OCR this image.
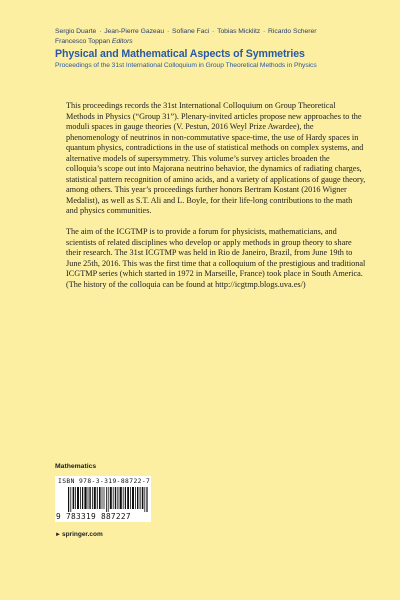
Sergio Duarte · Jean-Pierre Gazeau · Sofiane Faci · Tobias Micklitz · Ricardo Scherer
Francesco Toppan Editors
Physical and Mathematical Aspects of Symmetries
Proceedings of the 31st International Colloquium in Group Theoretical Methods in Physics

This proceedings records the 31st International Colloquium on Group Theoretical Methods in Physics (“Group 31”). Plenary-invited articles propose new approaches to the moduli spaces in gauge theories (V. Pestun, 2016 Weyl Prize Awardee), the phenomenology of neutrinos in non-commutative space-time, the use of Hardy spaces in quantum physics, contradictions in the use of statistical methods on complex systems, and alternative models of supersymmetry. This volume’s survey articles broaden the colloquia’s scope out into Majorana neutrino behavior, the dynamics of radiating charges, statistical pattern recognition of amino acids, and a variety of applications of gauge theory, among others. This year’s proceedings further honors Bertram Kostant (2016 Wigner Medalist), as well as S.T. Ali and L. Boyle, for their life-long contributions to the math and physics communities.

The aim of the ICGTMP is to provide a forum for physicists, mathematicians, and scientists of related disciplines who develop or apply methods in group theory to share their research. The 31st ICGTMP was held in Rio de Janeiro, Brazil, from June 19th to June 25th, 2016. This was the first time that a colloquium of the prestigious and traditional ICGTMP series (which started in 1972 in Marseille, France) took place in South America. (The history of the colloquia can be found at http://icgtmp.blogs.uva.es/)

Mathematics
ISBN 978-3-319-88722-7
9 783319 887227
►springer.com
